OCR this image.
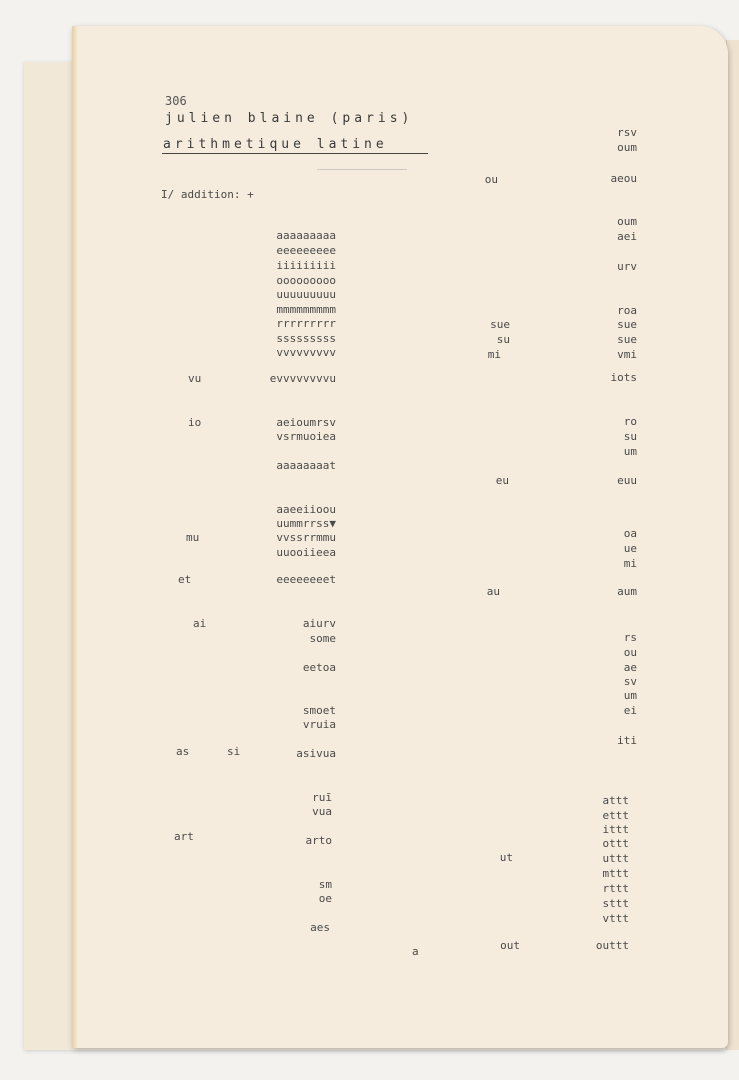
306
julien blaine (paris)
arithmetique latine
I/ addition: +
vu
io
mu
et
ai
as	si
art
aaaaaaaaa
eeeeeeeee
iiiiiiiii
ooooooooo
uuuuuuuuu
mmmmmmmmm
rrrrrrrrr
sssssssss
vvvvvvvvv
evvvvvvvvu
aeioumrsv
vsrmuoiea
aaaaaaaat
aaeeiioou
uummrrss▼
vvssrrmmu
uuooiieea
eeeeeeeet
aiurv
some
eetoa
smoet
vruia
asivua
ruī
vua
arto
sm
oe
aes
a
ou
sue
su
mi
eu
au
ut
out
rsv
oum
aeou
oum
aei
urv
roa
sue
sue
vmi
iots
ro
su
um
euu
oa
ue
mi
aum
rs
ou
ae
sv
um
ei
iti
attt
ettt
ittt
ottt
uttt
mttt
rttt
sttt
vttt
outtt
